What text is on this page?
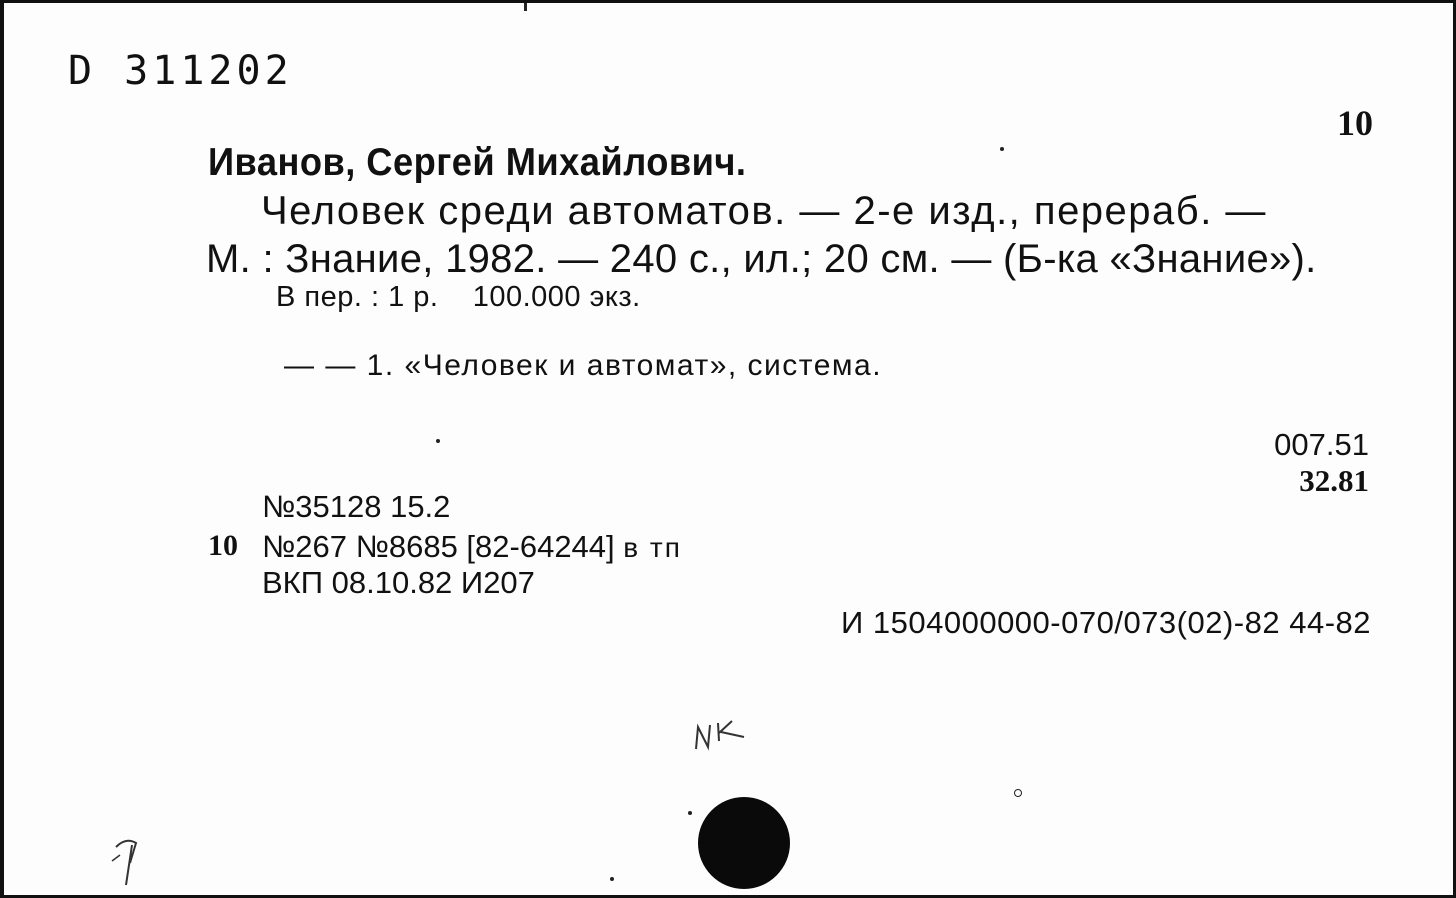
D 311202
10
Иванов, Сергей Михайлович.
Человек среди автоматов. — 2-е изд., перераб. —
М. : Знание, 1982. — 240 с., ил.; 20 см. — (Б-ка «Знание»).
В пер. : 1 р.    100.000 экз.
— — 1. «Человек и автомат», система.
007.51
32.81
№35128 15.2
10 №267 №8685 [82-64244] в тп
ВКП 08.10.82 И207
И 1504000000-070/073(02)-82 44-82
